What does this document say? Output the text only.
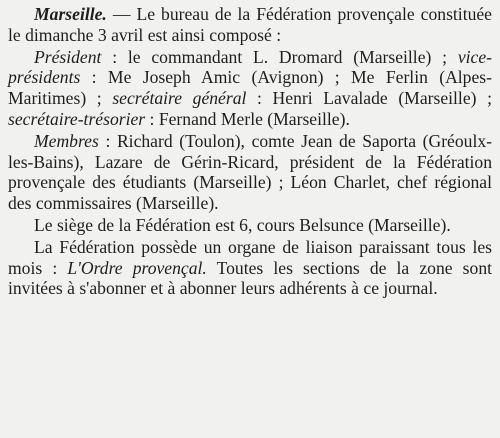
Marseille. — Le bureau de la Fédération provençale constituée le dimanche 3 avril est ainsi composé :

Président : le commandant L. Dromard (Marseille) ; vice-présidents : Me Joseph Amic (Avignon) ; Me Ferlin (Alpes-Maritimes) ; secrétaire général : Henri Lavalade (Marseille) ; secrétaire-trésorier : Fernand Merle (Marseille).

Membres : Richard (Toulon), comte Jean de Saporta (Gréoulx-les-Bains), Lazare de Gérin-Ricard, président de la Fédération provençale des étudiants (Marseille) ; Léon Charlet, chef régional des commissaires (Marseille).

Le siège de la Fédération est 6, cours Belsunce (Marseille).

La Fédération possède un organe de liaison paraissant tous les mois : L'Ordre provençal. Toutes les sections de la zone sont invitées à s'abonner et à abonner leurs adhérents à ce journal.
